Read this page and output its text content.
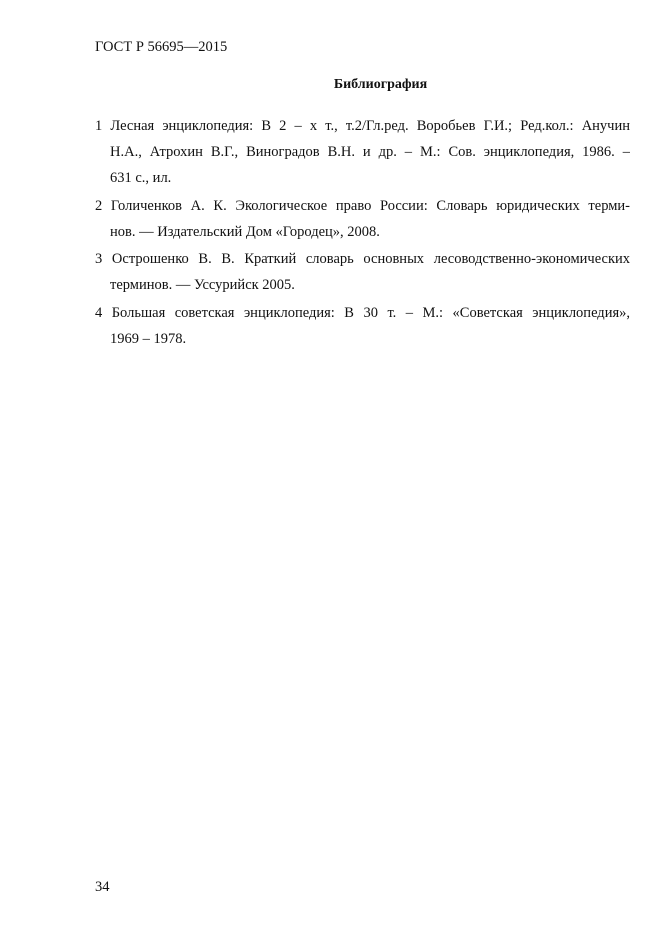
ГОСТ Р 56695—2015
Библиография
1 Лесная энциклопедия: В 2 – х т., т.2/Гл.ред. Воробьев Г.И.; Ред.кол.: Анучин
Н.А., Атрохин В.Г., Виноградов В.Н. и др. – М.: Сов. энциклопедия, 1986. –
631 с., ил.
2 Голиченков А. К. Экологическое право России: Словарь юридических терми-
нов. — Издательский Дом «Городец», 2008.
3 Острошенко В. В. Краткий словарь основных лесоводственно-экономических
терминов. — Уссурийск 2005.
4 Большая советская энциклопедия: В 30 т. – М.: «Советская энциклопедия»,
1969 – 1978.
34
